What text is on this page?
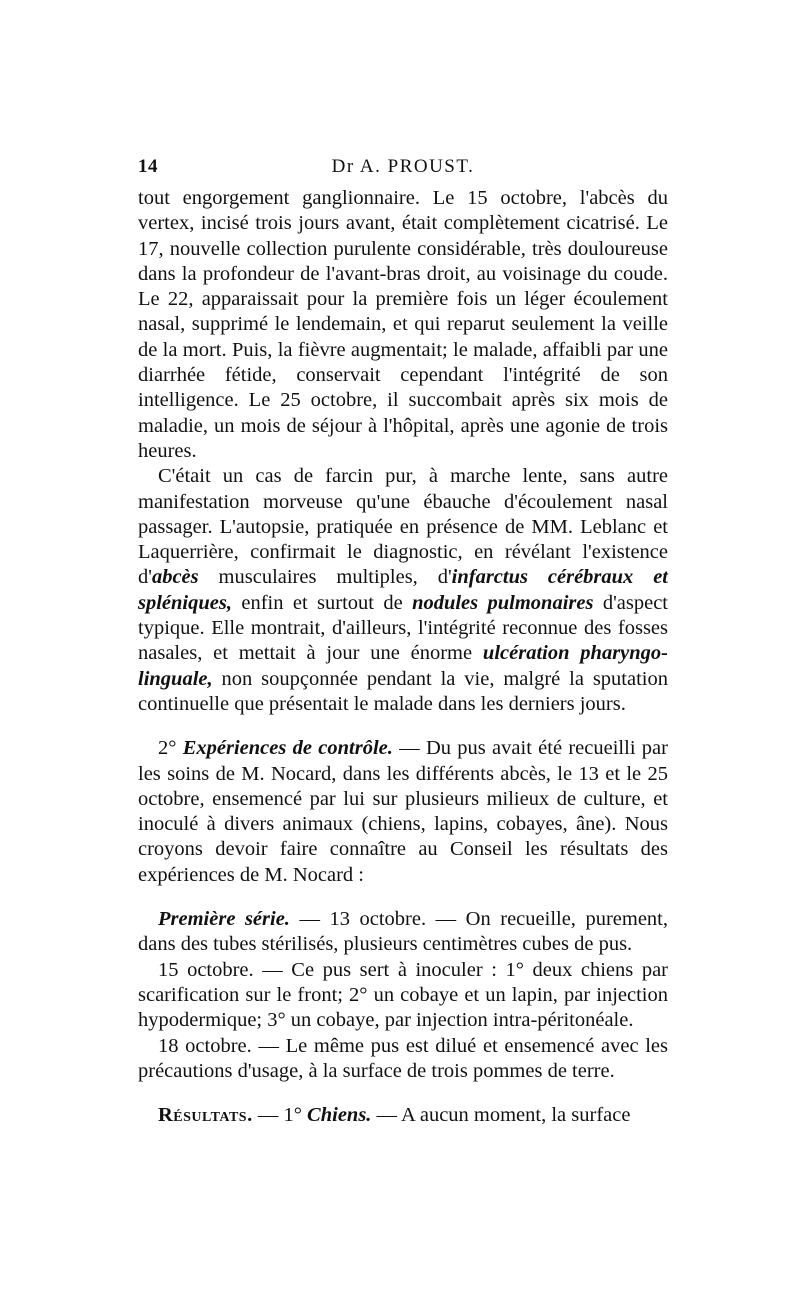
14	Dr A. PROUST.

tout engorgement ganglionnaire. Le 15 octobre, l'abcès du vertex, incisé trois jours avant, était complètement cicatrisé. Le 17, nouvelle collection purulente considérable, très douloureuse dans la profondeur de l'avant-bras droit, au voisinage du coude. Le 22, apparaissait pour la première fois un léger écoulement nasal, supprimé le lendemain, et qui reparut seulement la veille de la mort. Puis, la fièvre augmentait; le malade, affaibli par une diarrhée fétide, conservait cependant l'intégrité de son intelligence. Le 25 octobre, il succombait après six mois de maladie, un mois de séjour à l'hôpital, après une agonie de trois heures.

C'était un cas de farcin pur, à marche lente, sans autre manifestation morveuse qu'une ébauche d'écoulement nasal passager. L'autopsie, pratiquée en présence de MM. Leblanc et Laquerrière, confirmait le diagnostic, en révélant l'existence d'abcès musculaires multiples, d'infarctus cérébraux et spléniques, enfin et surtout de nodules pulmonaires d'aspect typique. Elle montrait, d'ailleurs, l'intégrité reconnue des fosses nasales, et mettait à jour une énorme ulcération pharyngo-linguale, non soupçonnée pendant la vie, malgré la sputation continuelle que présentait le malade dans les derniers jours.

2° Expériences de contrôle. — Du pus avait été recueilli par les soins de M. Nocard, dans les différents abcès, le 13 et le 25 octobre, ensemencé par lui sur plusieurs milieux de culture, et inoculé à divers animaux (chiens, lapins, cobayes, âne). Nous croyons devoir faire connaître au Conseil les résultats des expériences de M. Nocard :

Première série. — 13 octobre. — On recueille, purement, dans des tubes stérilisés, plusieurs centimètres cubes de pus.

15 octobre. — Ce pus sert à inoculer : 1° deux chiens par scarification sur le front; 2° un cobaye et un lapin, par injection hypodermique; 3° un cobaye, par injection intra-péritonéale.

18 octobre. — Le même pus est dilué et ensemencé avec les précautions d'usage, à la surface de trois pommes de terre.

Résultats. — 1° Chiens. — A aucun moment, la surface
